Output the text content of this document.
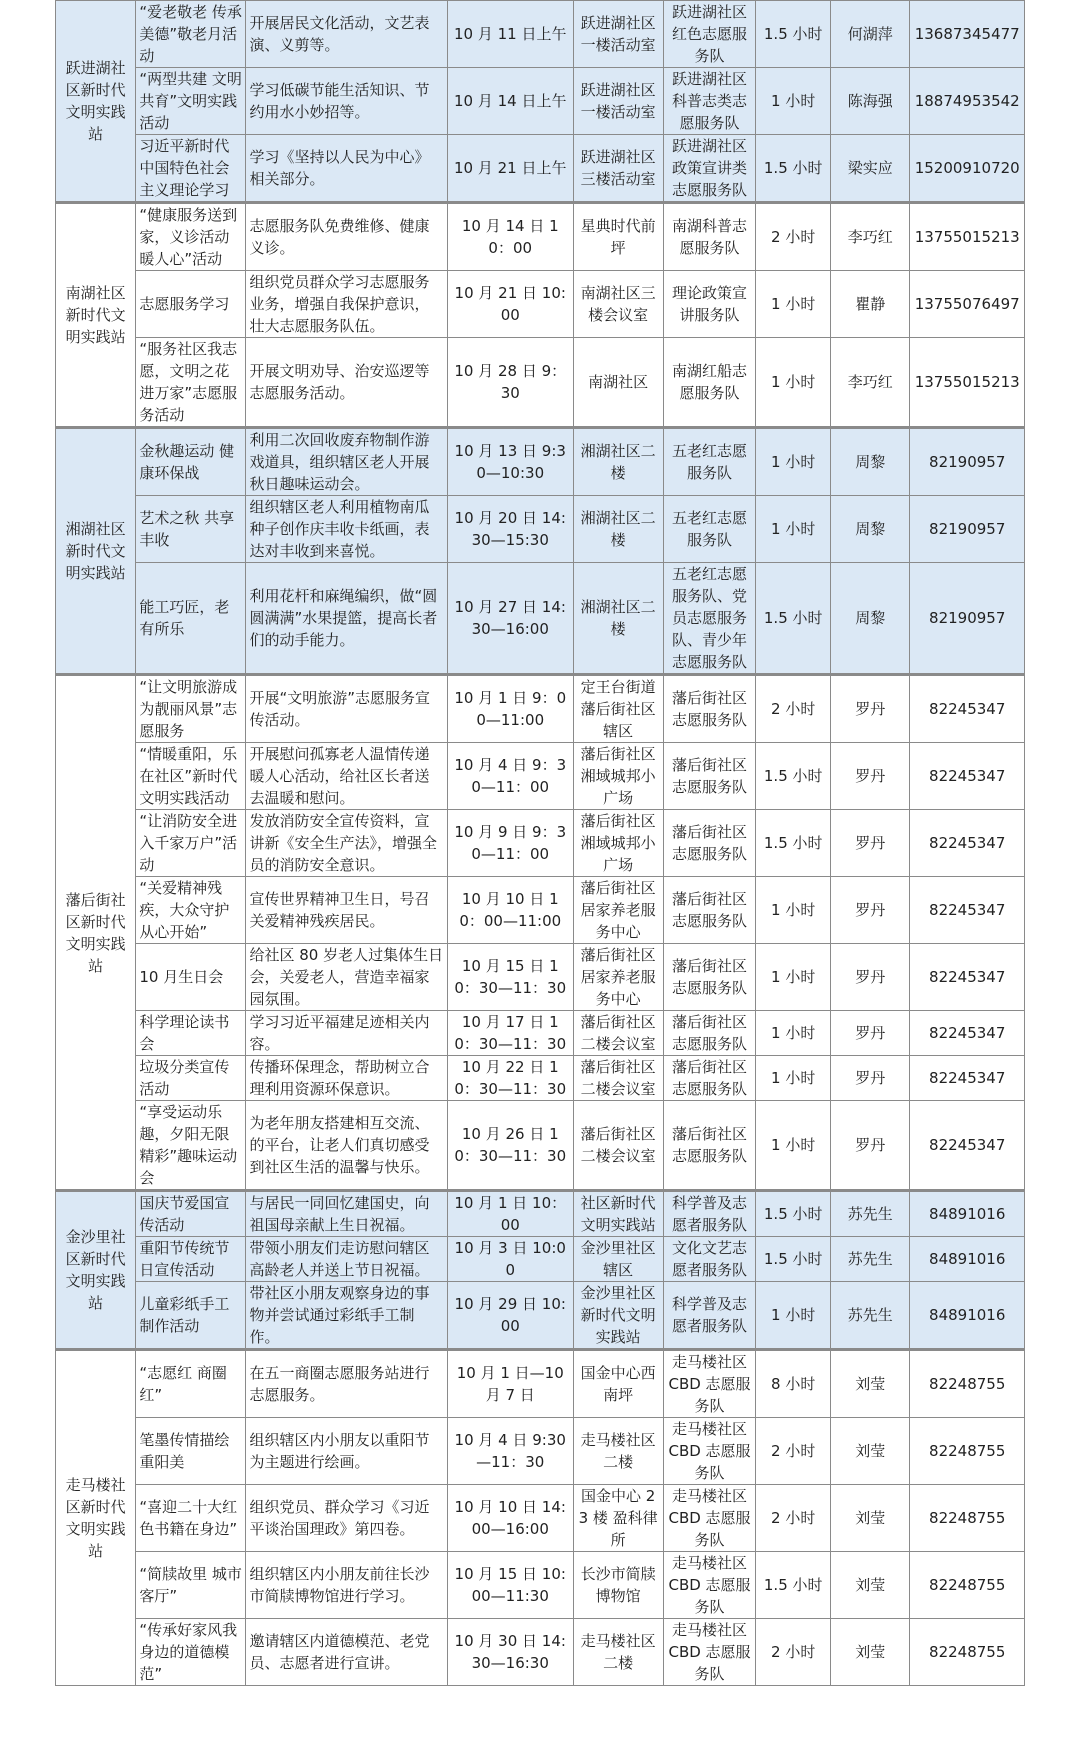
跃进湖社区新时代文明实践站	“爱老敬老 传承美德”敬老月活动	开展居民文化活动，文艺表演、义剪等。	10 月 11 日上午	跃进湖社区一楼活动室	跃进湖社区红色志愿服务队	1.5 小时	何湖萍	13687345477
	“两型共建 文明共育”文明实践活动	学习低碳节能生活知识、节约用水小妙招等。	10 月 14 日上午	跃进湖社区一楼活动室	跃进湖社区科普志类志愿服务队	1 小时	陈海强	18874953542
	习近平新时代中国特色社会主义理论学习	学习《坚持以人民为中心》相关部分。	10 月 21 日上午	跃进湖社区三楼活动室	跃进湖社区政策宣讲类志愿服务队	1.5 小时	梁实应	15200910720
南湖社区新时代文明实践站	“健康服务送到家，义诊活动暖人心”活动	志愿服务队免费维修、健康义诊。	10 月 14 日 10：00	星典时代前坪	南湖科普志愿服务队	2 小时	李巧红	13755015213
	志愿服务学习	组织党员群众学习志愿服务业务，增强自我保护意识，壮大志愿服务队伍。	10 月 21 日 10:00	南湖社区三楼会议室	理论政策宣讲服务队	1 小时	瞿静	13755076497
	“服务社区我志愿，文明之花进万家”志愿服务活动	开展文明劝导、治安巡逻等志愿服务活动。	10 月 28 日 9：30	南湖社区	南湖红船志愿服务队	1 小时	李巧红	13755015213
湘湖社区新时代文明实践站	金秋趣运动 健康环保战	利用二次回收废弃物制作游戏道具，组织辖区老人开展秋日趣味运动会。	10 月 13 日 9:30—10:30	湘湖社区二楼	五老红志愿服务队	1 小时	周黎	82190957
	艺术之秋 共享丰收	组织辖区老人利用植物南瓜种子创作庆丰收卡纸画，表达对丰收到来喜悦。	10 月 20 日 14:30—15:30	湘湖社区二楼	五老红志愿服务队	1 小时	周黎	82190957
	能工巧匠，老有所乐	利用花杆和麻绳编织，做“圆圆满满”水果提篮，提高长者们的动手能力。	10 月 27 日 14:30—16:00	湘湖社区二楼	五老红志愿服务队、党员志愿服务队、青少年志愿服务队	1.5 小时	周黎	82190957
藩后街社区新时代文明实践站	“让文明旅游成为靓丽风景”志愿服务	开展“文明旅游”志愿服务宣传活动。	10 月 1 日 9：00—11:00	定王台街道藩后街社区辖区	藩后街社区志愿服务队	2 小时	罗丹	82245347
	“情暖重阳，乐在社区”新时代文明实践活动	开展慰问孤寡老人温情传递暖人心活动，给社区长者送去温暖和慰问。	10 月 4 日 9：30—11：00	藩后街社区湘域城邦小广场	藩后街社区志愿服务队	1.5 小时	罗丹	82245347
	“让消防安全进入千家万户”活动	发放消防安全宣传资料，宣讲新《安全生产法》，增强全员的消防安全意识。	10 月 9 日 9：30—11：00	藩后街社区湘域城邦小广场	藩后街社区志愿服务队	1.5 小时	罗丹	82245347
	“关爱精神残疾，大众守护从心开始”	宣传世界精神卫生日，号召关爱精神残疾居民。	10 月 10 日 10：00—11:00	藩后街社区居家养老服务中心	藩后街社区志愿服务队	1 小时	罗丹	82245347
	10 月生日会	给社区 80 岁老人过集体生日会，关爱老人，营造幸福家园氛围。	10 月 15 日 10：30—11：30	藩后街社区居家养老服务中心	藩后街社区志愿服务队	1 小时	罗丹	82245347
	科学理论读书会	学习习近平福建足迹相关内容。	10 月 17 日 10：30—11：30	藩后街社区二楼会议室	藩后街社区志愿服务队	1 小时	罗丹	82245347
	垃圾分类宣传活动	传播环保理念，帮助树立合理利用资源环保意识。	10 月 22 日 10：30—11：30	藩后街社区二楼会议室	藩后街社区志愿服务队	1 小时	罗丹	82245347
	“享受运动乐趣，夕阳无限精彩”趣味运动会	为老年朋友搭建相互交流、的平台，让老人们真切感受到社区生活的温馨与快乐。	10 月 26 日 10：30—11：30	藩后街社区二楼会议室	藩后街社区志愿服务队	1 小时	罗丹	82245347
金沙里社区新时代文明实践站	国庆节爱国宣传活动	与居民一同回忆建国史，向祖国母亲献上生日祝福。	10 月 1 日 10：00	社区新时代文明实践站	科学普及志愿者服务队	1.5 小时	苏先生	84891016
	重阳节传统节日宣传活动	带领小朋友们走访慰问辖区高龄老人并送上节日祝福。	10 月 3 日 10:00	金沙里社区辖区	文化文艺志愿者服务队	1.5 小时	苏先生	84891016
	儿童彩纸手工制作活动	带社区小朋友观察身边的事物并尝试通过彩纸手工制作。	10 月 29 日 10:00	金沙里社区新时代文明实践站	科学普及志愿者服务队	1 小时	苏先生	84891016
走马楼社区新时代文明实践站	“志愿红 商圈红”	在五一商圈志愿服务站进行志愿服务。	10 月 1 日—10 月 7 日	国金中心西南坪	走马楼社区 CBD 志愿服务队	8 小时	刘莹	82248755
	笔墨传情描绘重阳美	组织辖区内小朋友以重阳节为主题进行绘画。	10 月 4 日 9:30—11：30	走马楼社区二楼	走马楼社区 CBD 志愿服务队	2 小时	刘莹	82248755
	“喜迎二十大红色书籍在身边”	组织党员、群众学习《习近平谈治国理政》第四卷。	10 月 10 日 14:00—16:00	国金中心 23 楼 盈科律所	走马楼社区 CBD 志愿服务队	2 小时	刘莹	82248755
	“简牍故里 城市客厅”	组织辖区内小朋友前往长沙市简牍博物馆进行学习。	10 月 15 日 10:00—11:30	长沙市简牍博物馆	走马楼社区 CBD 志愿服务队	1.5 小时	刘莹	82248755
	“传承好家风我身边的道德模范”	邀请辖区内道德模范、老党员、志愿者进行宣讲。	10 月 30 日 14:30—16:30	走马楼社区二楼	走马楼社区 CBD 志愿服务队	2 小时	刘莹	82248755
